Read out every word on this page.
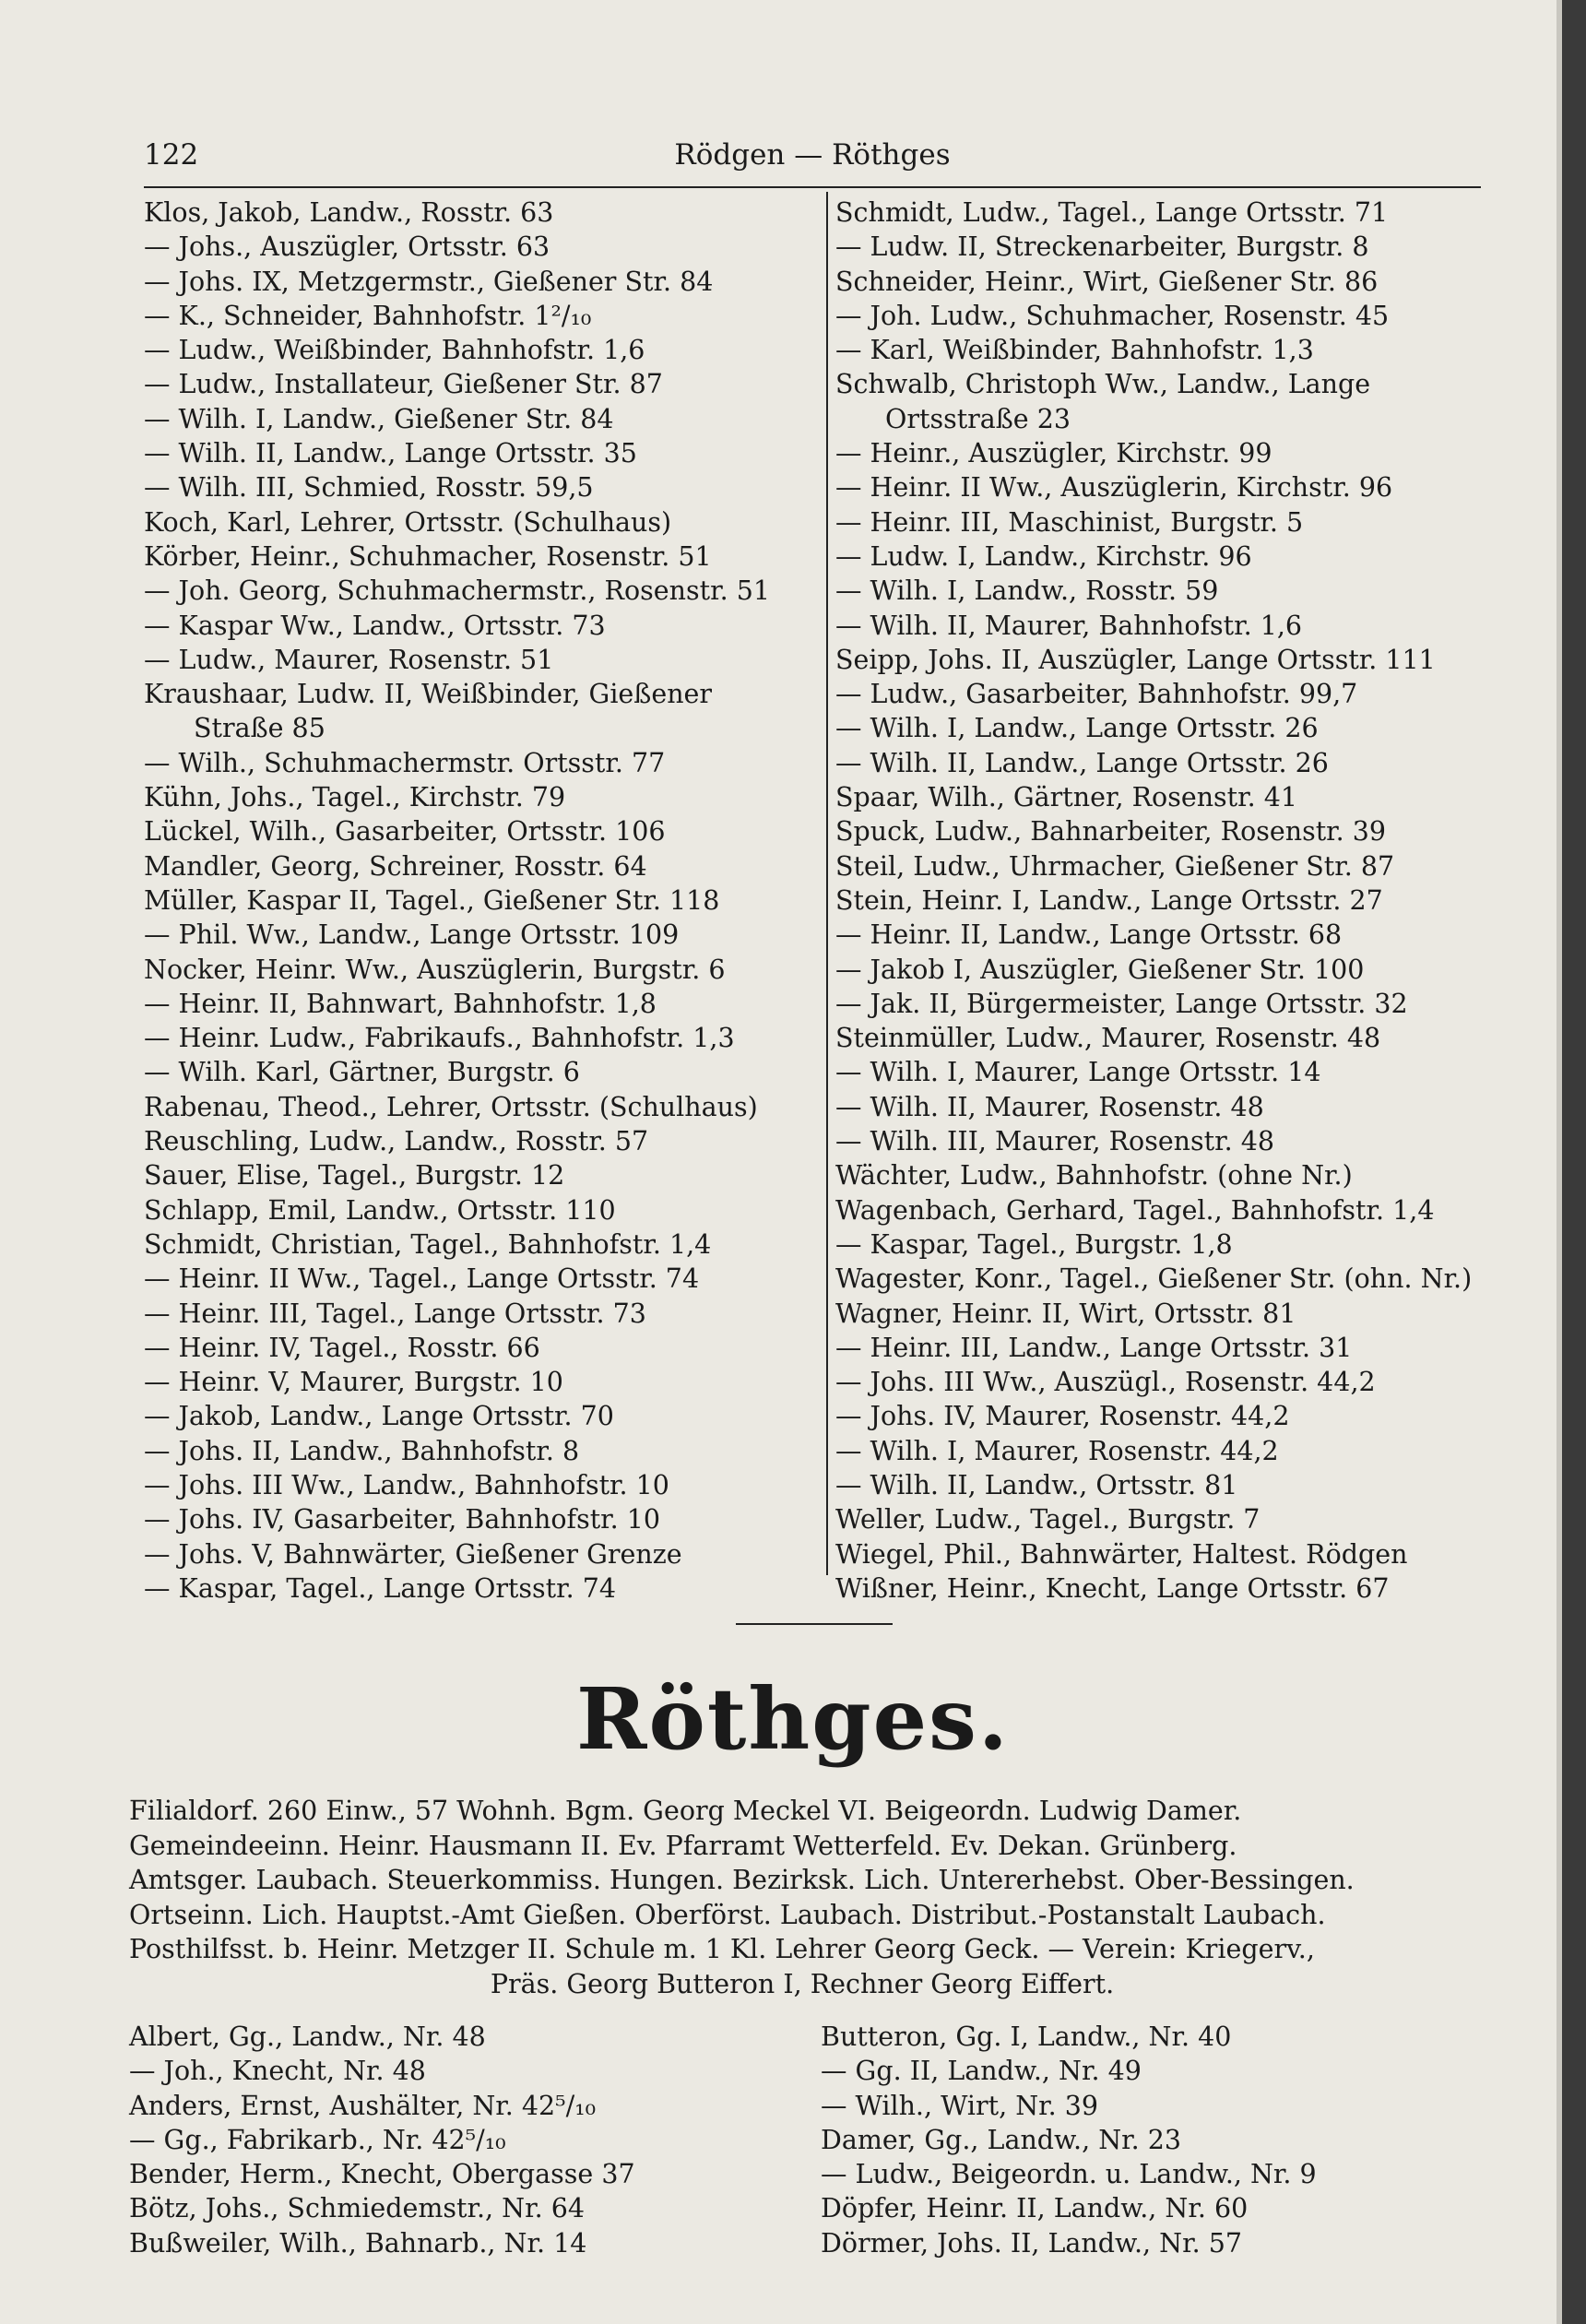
122	Rödgen — Röthges
Klos, Jakob, Landw., Rosstr. 63
— Johs., Auszügler, Ortsstr. 63
— Johs. IX, Metzgermstr., Gießener Str. 84
— K., Schneider, Bahnhofstr. 1²/₁₀
— Ludw., Weißbinder, Bahnhofstr. 1,6
— Ludw., Installateur, Gießener Str. 87
— Wilh. I, Landw., Gießener Str. 84
— Wilh. II, Landw., Lange Ortsstr. 35
— Wilh. III, Schmied, Rosstr. 59,5
Koch, Karl, Lehrer, Ortsstr. (Schulhaus)
Körber, Heinr., Schuhmacher, Rosenstr. 51
— Joh. Georg, Schuhmachermstr., Rosenstr. 51
— Kaspar Ww., Landw., Ortsstr. 73
— Ludw., Maurer, Rosenstr. 51
Kraushaar, Ludw. II, Weißbinder, Gießener
Straße 85
— Wilh., Schuhmachermstr. Ortsstr. 77
Kühn, Johs., Tagel., Kirchstr. 79
Lückel, Wilh., Gasarbeiter, Ortsstr. 106
Mandler, Georg, Schreiner, Rosstr. 64
Müller, Kaspar II, Tagel., Gießener Str. 118
— Phil. Ww., Landw., Lange Ortsstr. 109
Nocker, Heinr. Ww., Auszüglerin, Burgstr. 6
— Heinr. II, Bahnwart, Bahnhofstr. 1,8
— Heinr. Ludw., Fabrikaufs., Bahnhofstr. 1,3
— Wilh. Karl, Gärtner, Burgstr. 6
Rabenau, Theod., Lehrer, Ortsstr. (Schulhaus)
Reuschling, Ludw., Landw., Rosstr. 57
Sauer, Elise, Tagel., Burgstr. 12
Schlapp, Emil, Landw., Ortsstr. 110
Schmidt, Christian, Tagel., Bahnhofstr. 1,4
— Heinr. II Ww., Tagel., Lange Ortsstr. 74
— Heinr. III, Tagel., Lange Ortsstr. 73
— Heinr. IV, Tagel., Rosstr. 66
— Heinr. V, Maurer, Burgstr. 10
— Jakob, Landw., Lange Ortsstr. 70
— Johs. II, Landw., Bahnhofstr. 8
— Johs. III Ww., Landw., Bahnhofstr. 10
— Johs. IV, Gasarbeiter, Bahnhofstr. 10
— Johs. V, Bahnwärter, Gießener Grenze
— Kaspar, Tagel., Lange Ortsstr. 74
Schmidt, Ludw., Tagel., Lange Ortsstr. 71
— Ludw. II, Streckenarbeiter, Burgstr. 8
Schneider, Heinr., Wirt, Gießener Str. 86
— Joh. Ludw., Schuhmacher, Rosenstr. 45
— Karl, Weißbinder, Bahnhofstr. 1,3
Schwalb, Christoph Ww., Landw., Lange
Ortsstraße 23
— Heinr., Auszügler, Kirchstr. 99
— Heinr. II Ww., Auszüglerin, Kirchstr. 96
— Heinr. III, Maschinist, Burgstr. 5
— Ludw. I, Landw., Kirchstr. 96
— Wilh. I, Landw., Rosstr. 59
— Wilh. II, Maurer, Bahnhofstr. 1,6
Seipp, Johs. II, Auszügler, Lange Ortsstr. 111
— Ludw., Gasarbeiter, Bahnhofstr. 99,7
— Wilh. I, Landw., Lange Ortsstr. 26
— Wilh. II, Landw., Lange Ortsstr. 26
Spaar, Wilh., Gärtner, Rosenstr. 41
Spuck, Ludw., Bahnarbeiter, Rosenstr. 39
Steil, Ludw., Uhrmacher, Gießener Str. 87
Stein, Heinr. I, Landw., Lange Ortsstr. 27
— Heinr. II, Landw., Lange Ortsstr. 68
— Jakob I, Auszügler, Gießener Str. 100
— Jak. II, Bürgermeister, Lange Ortsstr. 32
Steinmüller, Ludw., Maurer, Rosenstr. 48
— Wilh. I, Maurer, Lange Ortsstr. 14
— Wilh. II, Maurer, Rosenstr. 48
— Wilh. III, Maurer, Rosenstr. 48
Wächter, Ludw., Bahnhofstr. (ohne Nr.)
Wagenbach, Gerhard, Tagel., Bahnhofstr. 1,4
— Kaspar, Tagel., Burgstr. 1,8
Wagester, Konr., Tagel., Gießener Str. (ohn. Nr.)
Wagner, Heinr. II, Wirt, Ortsstr. 81
— Heinr. III, Landw., Lange Ortsstr. 31
— Johs. III Ww., Auszügl., Rosenstr. 44,2
— Johs. IV, Maurer, Rosenstr. 44,2
— Wilh. I, Maurer, Rosenstr. 44,2
— Wilh. II, Landw., Ortsstr. 81
Weller, Ludw., Tagel., Burgstr. 7
Wiegel, Phil., Bahnwärter, Haltest. Rödgen
Wißner, Heinr., Knecht, Lange Ortsstr. 67
Röthges.
Filialdorf. 260 Einw., 57 Wohnh. Bgm. Georg Meckel VI. Beigeordn. Ludwig Damer.
Gemeindeeinn. Heinr. Hausmann II. Ev. Pfarramt Wetterfeld. Ev. Dekan. Grünberg.
Amtsger. Laubach. Steuerkommiss. Hungen. Bezirksk. Lich. Untererhebst. Ober-Bessingen.
Ortseinn. Lich. Hauptst.-Amt Gießen. Oberförst. Laubach. Distribut.-Postanstalt Laubach.
Posthilfsst. b. Heinr. Metzger II. Schule m. 1 Kl. Lehrer Georg Geck. — Verein: Kriegerv.,
Präs. Georg Butteron I, Rechner Georg Eiffert.
Albert, Gg., Landw., Nr. 48
— Joh., Knecht, Nr. 48
Anders, Ernst, Aushälter, Nr. 42⁵/₁₀
— Gg., Fabrikarb., Nr. 42⁵/₁₀
Bender, Herm., Knecht, Obergasse 37
Bötz, Johs., Schmiedemstr., Nr. 64
Bußweiler, Wilh., Bahnarb., Nr. 14
Butteron, Gg. I, Landw., Nr. 40
— Gg. II, Landw., Nr. 49
— Wilh., Wirt, Nr. 39
Damer, Gg., Landw., Nr. 23
— Ludw., Beigeordn. u. Landw., Nr. 9
Döpfer, Heinr. II, Landw., Nr. 60
Dörmer, Johs. II, Landw., Nr. 57
